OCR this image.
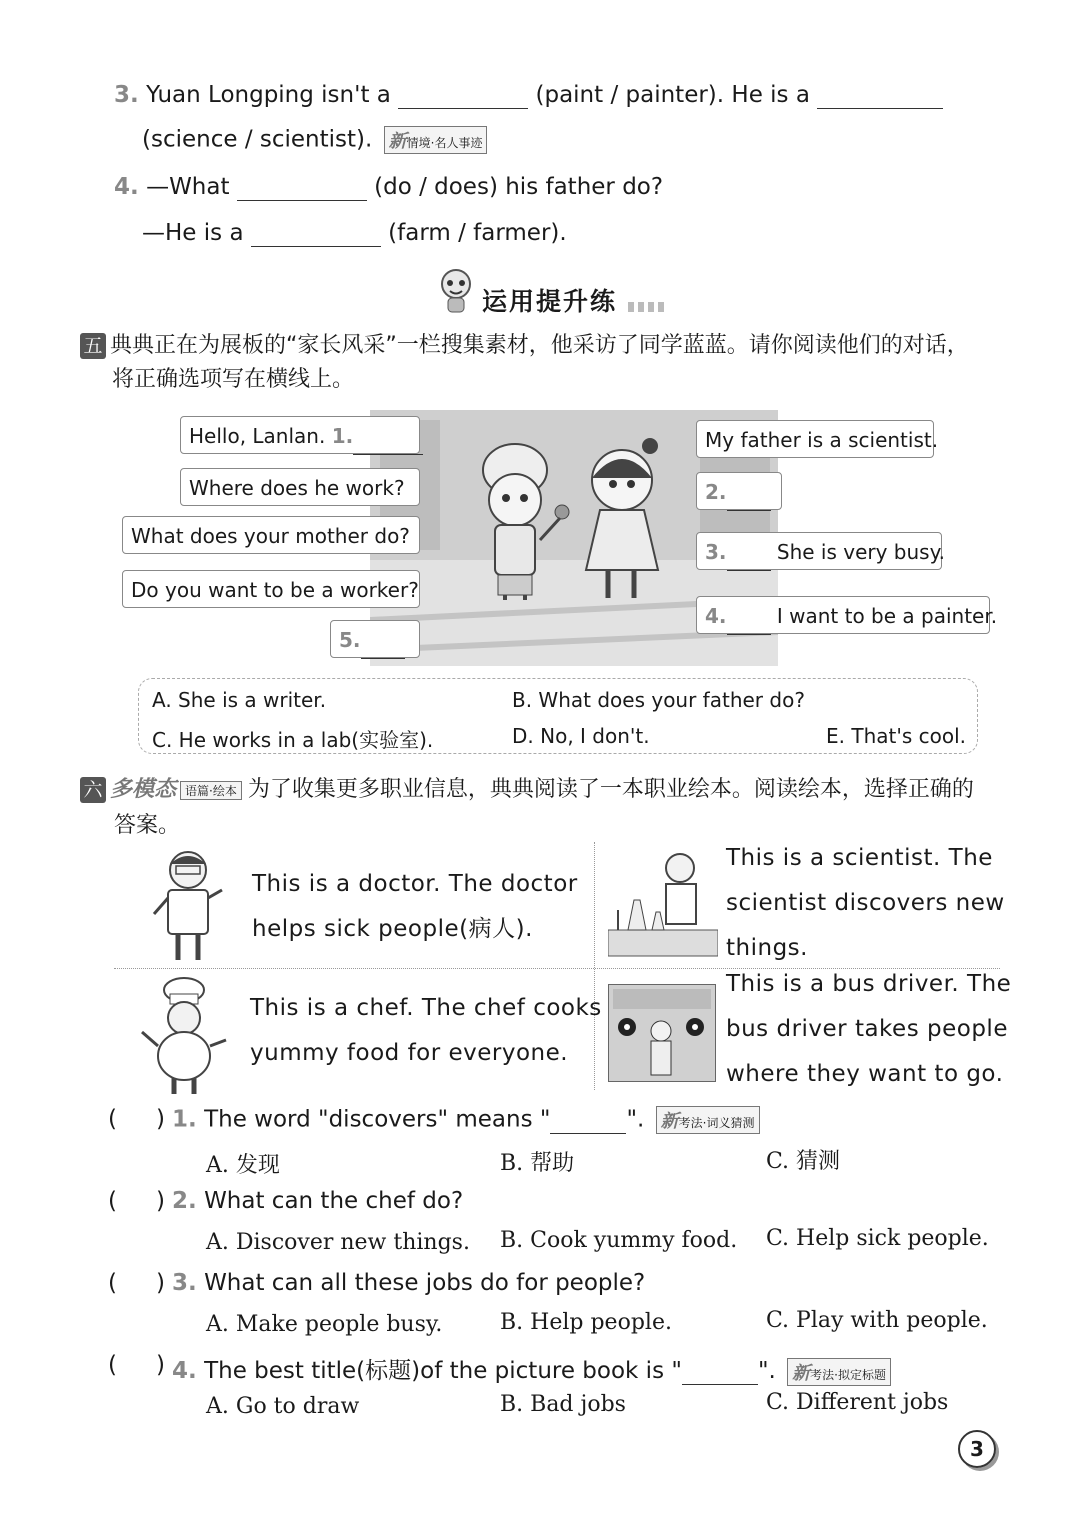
3. Yuan Longping isn't a	(paint / painter). He is a
(science / scientist). 新情境·名人事迹
4. —What	(do / does) his father do?
—He is a	(farm / farmer).
运用提升练
五 典典正在为展板的“家长风采”一栏搜集素材，他采访了同学蓝蓝。请你阅读他们的对话，
将正确选项写在横线上。
Hello, Lanlan. 1.
Where does he work?
What does your mother do?
Do you want to be a worker?
5.
My father is a scientist.
2.
3.	She is very busy.
4.	I want to be a painter.
A. She is a writer.	B. What does your father do?
C. He works in a lab(实验室).	D. No, I don't.	E. That's cool.
六 多模态 语篇·绘本 为了收集更多职业信息，典典阅读了一本职业绘本。阅读绘本，选择正确的
答案。
This is a doctor. The doctor
helps sick people(病人).
This is a scientist. The
scientist discovers new
things.
This is a chef. The chef cooks
yummy food for everyone.
This is a bus driver. The
bus driver takes people
where they want to go.
( ) 1. The word "discovers" means "	". 新考法·词义猜测
A. 发现	B. 帮助	C. 猜测
( ) 2. What can the chef do?
A. Discover new things. B. Cook yummy food. C. Help sick people.
( ) 3. What can all these jobs do for people?
A. Make people busy.	B. Help people.	C. Play with people.
( ) 4. The best title(标题)of the picture book is "	". 新考法·拟定标题
A. Go to draw	B. Bad jobs	C. Different jobs
3
